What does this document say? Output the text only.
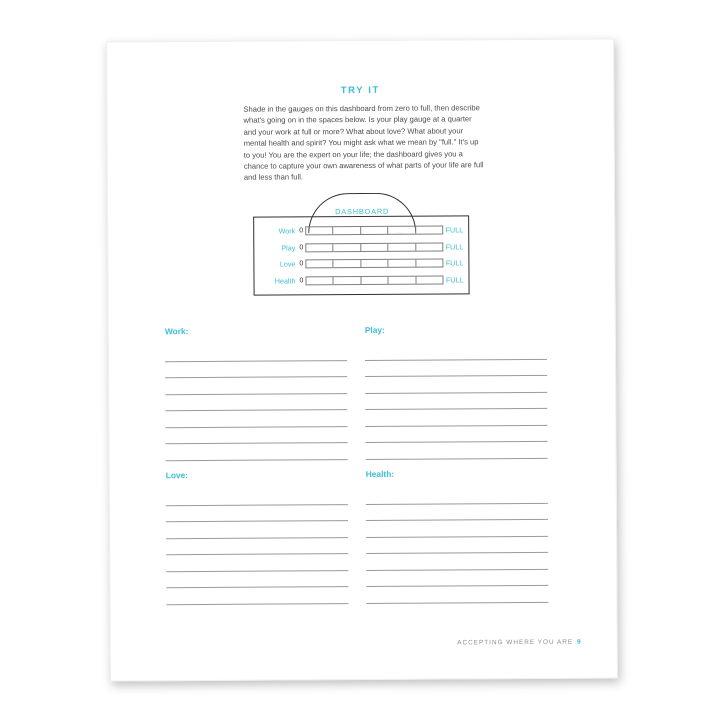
TRY IT
Shade in the gauges on this dashboard from zero to full, then describe what's going on in the spaces below. Is your play gauge at a quarter and your work at full or more? What about love? What about your mental health and spirit? You might ask what we mean by "full." It's up to you! You are the expert on your life; the dashboard gives you a chance to capture your own awareness of what parts of your life are full and less than full.
DASHBOARD
Work 0	FULL
Play 0	FULL
Love 0	FULL
Health 0	FULL
Work:	Play:
Love:	Health:
ACCEPTING WHERE YOU ARE 9
